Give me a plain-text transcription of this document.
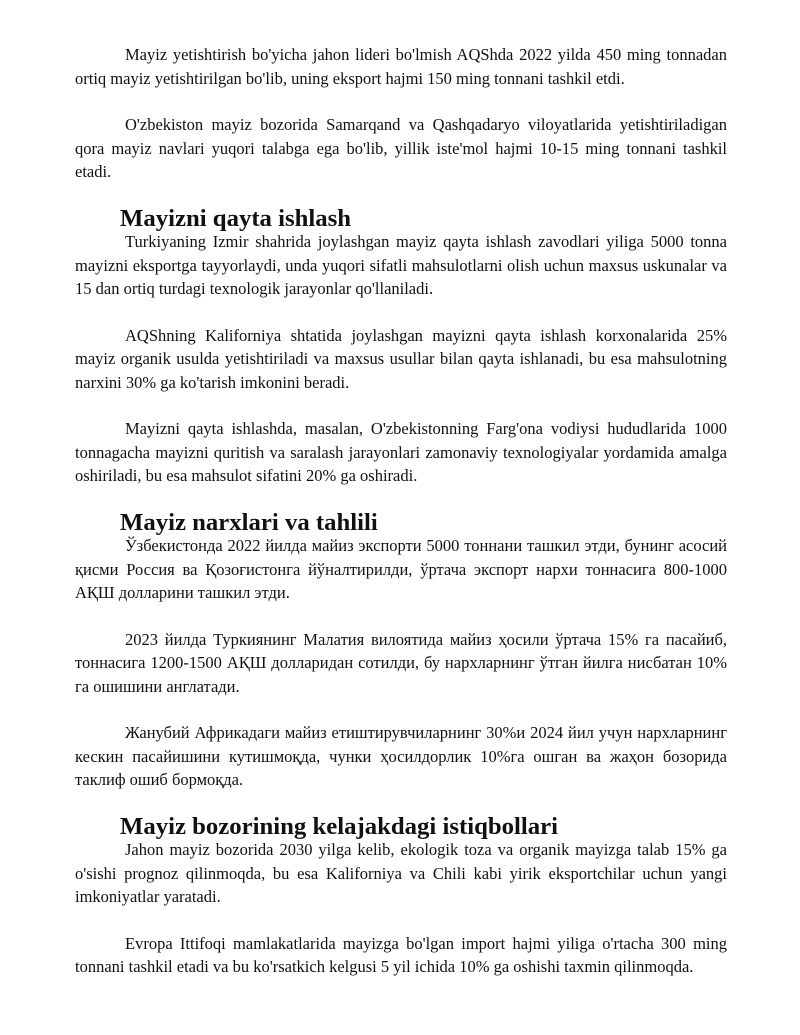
Mayiz yetishtirish bo'yicha jahon lideri bo'lmish AQShda 2022 yilda 450 ming tonnadan ortiq mayiz yetishtirilgan bo'lib, uning eksport hajmi 150 ming tonnani tashkil etdi.

O'zbekiston mayiz bozorida Samarqand va Qashqadaryo viloyatlarida yetishtiriladigan qora mayiz navlari yuqori talabga ega bo'lib, yillik iste'mol hajmi 10-15 ming tonnani tashkil etadi.

Mayizni qayta ishlash

Turkiyaning Izmir shahrida joylashgan mayiz qayta ishlash zavodlari yiliga 5000 tonna mayizni eksportga tayyorlaydi, unda yuqori sifatli mahsulotlarni olish uchun maxsus uskunalar va 15 dan ortiq turdagi texnologik jarayonlar qo'llaniladi.

AQShning Kaliforniya shtatida joylashgan mayizni qayta ishlash korxonalarida 25% mayiz organik usulda yetishtiriladi va maxsus usullar bilan qayta ishlanadi, bu esa mahsulotning narxini 30% ga ko'tarish imkonini beradi.

Mayizni qayta ishlashda, masalan, O'zbekistonning Farg'ona vodiysi hududlarida 1000 tonnagacha mayizni quritish va saralash jarayonlari zamonaviy texnologiyalar yordamida amalga oshiriladi, bu esa mahsulot sifatini 20% ga oshiradi.

Mayiz narxlari va tahlili

Ўзбекистонда 2022 йилда майиз экспорти 5000 тоннани ташкил этди, бунинг асосий қисми Россия ва Қозоғистонга йўналтирилди, ўртача экспорт нархи тоннасига 800-1000 АҚШ долларини ташкил этди.

2023 йилда Туркиянинг Малатия вилоятида майиз ҳосили ўртача 15% га пасайиб, тоннасига 1200-1500 АҚШ долларидан сотилди, бу нархларнинг ўтган йилга нисбатан 10% га ошишини англатади.

Жанубий Африкадаги майиз етиштирувчиларнинг 30%и 2024 йил учун нархларнинг кескин пасайишини кутишмоқда, чунки ҳосилдорлик 10%га ошган ва жаҳон бозорида таклиф ошиб бормоқда.

Mayiz bozorining kelajakdagi istiqbollari

Jahon mayiz bozorida 2030 yilga kelib, ekologik toza va organik mayizga talab 15% ga o'sishi prognoz qilinmoqda, bu esa Kaliforniya va Chili kabi yirik eksportchilar uchun yangi imkoniyatlar yaratadi.

Evropa Ittifoqi mamlakatlarida mayizga bo'lgan import hajmi yiliga o'rtacha 300 ming tonnani tashkil etadi va bu ko'rsatkich kelgusi 5 yil ichida 10% ga oshishi taxmin qilinmoqda.
